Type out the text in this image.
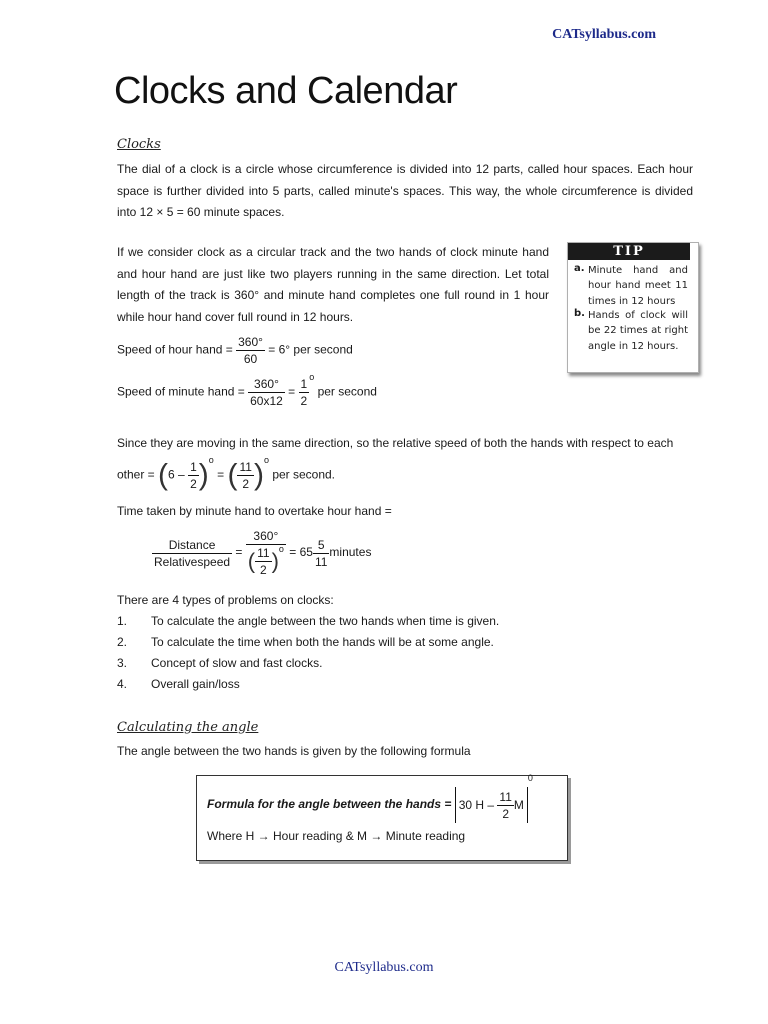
CATsyllabus.com
Clocks and Calendar
Clocks
The dial of a clock is a circle whose circumference is divided into 12 parts, called hour spaces. Each hour space is further divided into 5 parts, called minute's spaces. This way, the whole circumference is divided into 12 × 5 = 60 minute spaces.
If we consider clock as a circular track and the two hands of clock minute hand and hour hand are just like two players running in the same direction. Let total length of the track is 360° and minute hand completes one full round in 1 hour while hour hand cover full round in 12 hours.
Speed of hour hand = $\frac{360^\circ}{60} = 6^\circ$ per second
Speed of minute hand = $\frac{360^\circ}{60x12} = \frac{1}{2} ^o$ per second
Since they are moving in the same direction, so the relative speed of both the hands with respect to each
other = $(6 - \frac{1}{2} )^o$ = ( $\frac{11}{2} )^o$ per second.
Time taken by minute hand to overtake hour hand =
$\frac{\text{Distance}}{\text{Relativespeed}} = \frac{360^\circ}{( \frac{11}{2} )^o} = 65 \frac{5}{11}$ minutes
There are 4 types of problems on clocks:
1.	To calculate the angle between the two hands when time is given.
2.	To calculate the time when both the hands will be at some angle.
3.	Concept of slow and fast clocks.
4.	Overall gain/loss
TIP
a. Minute hand and hour hand meet 11 times in 12 hours
b. Hands of clock will be 22 times at right angle in 12 hours.
Calculating the angle
The angle between the two hands is given by the following formula
Formula for the angle between the hands = 30 H – $\frac{11}{2} M^0$
Where H → Hour reading & M → Minute reading
CATsyllabus.com
